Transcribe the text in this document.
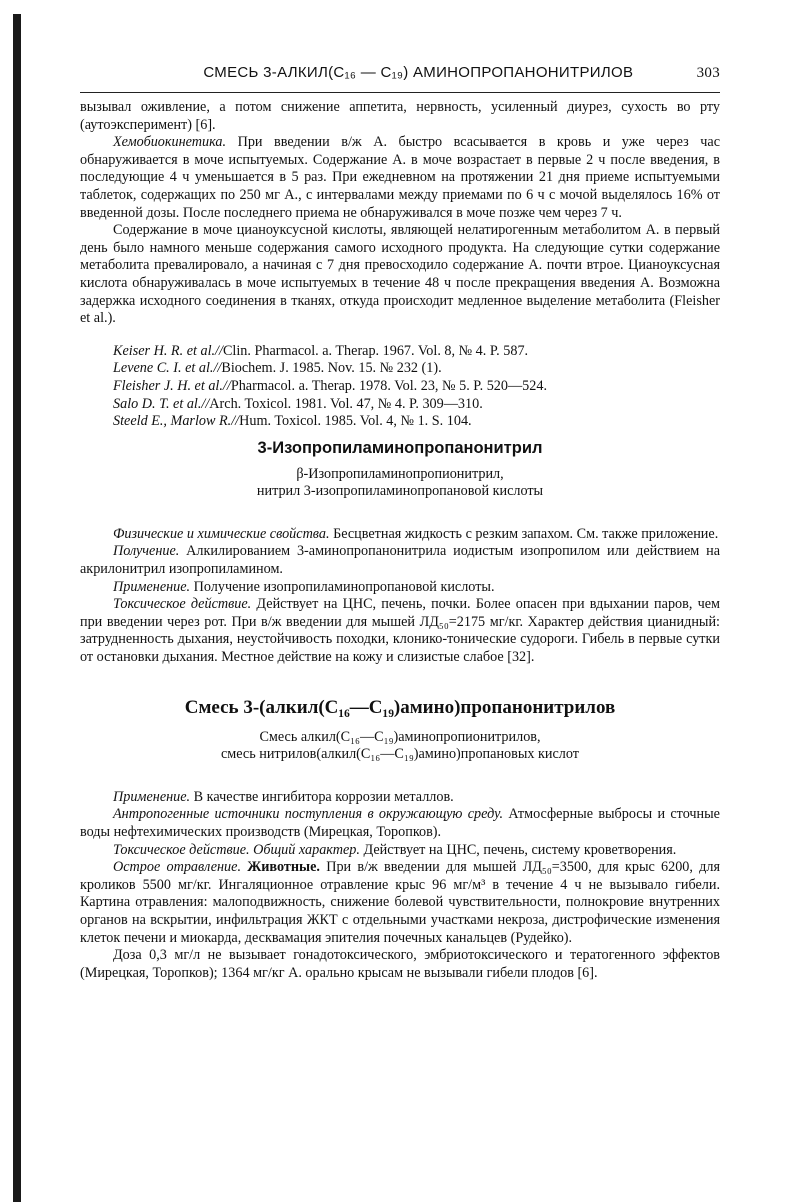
СМЕСЬ 3-АЛКИЛ(C₁₆ — C₁₉) АМИНОПРОПАНОНИТРИЛОВ	303

вызывал оживление, а потом снижение аппетита, нервность, усиленный диурез, сухость во рту (аутоэксперимент) [6].

Хемобиокинетика. При введении в/ж А. быстро всасывается в кровь и уже через час обнаруживается в моче испытуемых. Содержание А. в моче возрастает в первые 2 ч после введения, в последующие 4 ч уменьшается в 5 раз. При ежедневном на протяжении 21 дня приеме испытуемыми таблеток, содержащих по 250 мг А., с интервалами между приемами по 6 ч с мочой выделялось 16% от введенной дозы. После последнего приема не обнаруживался в моче позже чем через 7 ч.

Содержание в моче цианоуксусной кислоты, являющей нелатирогенным метаболитом А. в первый день было намного меньше содержания самого исходного продукта. На следующие сутки содержание метаболита превалировало, а начиная с 7 дня превосходило содержание А. почти втрое. Цианоуксусная кислота обнаруживалась в моче испытуемых в течение 48 ч после прекращения введения А. Возможна задержка исходного соединения в тканях, откуда происходит медленное выделение метаболита (Fleisher et al.).

Keiser H. R. et al.//Clin. Pharmacol. a. Therap. 1967. Vol. 8, № 4. P. 587.

Levene C. I. et al.//Biochem. J. 1985. Nov. 15. № 232 (1).

Fleisher J. H. et al.//Pharmacol. a. Therap. 1978. Vol. 23, № 5. P. 520—524.

Salo D. T. et al.//Arch. Toxicol. 1981. Vol. 47, № 4. P. 309—310.

Steeld E., Marlow R.//Hum. Toxicol. 1985. Vol. 4, № 1. S. 104.

3-Изопропиламинопропанонитрил

β-Изопропиламинопропионитрил,

нитрил 3-изопропиламинопропановой кислоты

Физические и химические свойства. Бесцветная жидкость с резким запахом. См. также приложение.

Получение. Алкилированием 3-аминопропанонитрила иодистым изопропилом или действием на акрилонитрил изопропиламином.

Применение. Получение изопропиламинопропановой кислоты.

Токсическое действие. Действует на ЦНС, печень, почки. Более опасен при вдыхании паров, чем при введении через рот. При в/ж введении для мышей ЛД₅₀=2175 мг/кг. Характер действия цианидный: затрудненность дыхания, неустойчивость походки, клонико-тонические судороги. Гибель в первые сутки от остановки дыхания. Местное действие на кожу и слизистые слабое [32].

Смесь 3-(алкил(C₁₆—C₁₉)амино)пропанонитрилов

Смесь алкил(C₁₆—C₁₉)аминопропионитрилов,

смесь нитрилов(алкил(C₁₆—C₁₉)амино)пропановых кислот

Применение. В качестве ингибитора коррозии металлов.

Антропогенные источники поступления в окружающую среду. Атмосферные выбросы и сточные воды нефтехимических производств (Мирецкая, Торопков).

Токсическое действие. Общий характер. Действует на ЦНС, печень, систему кроветворения.

Острое отравление. Животные. При в/ж введении для мышей ЛД₅₀=3500, для крыс 6200, для кроликов 5500 мг/кг. Ингаляционное отравление крыс 96 мг/м³ в течение 4 ч не вызывало гибели. Картина отравления: малоподвижность, снижение болевой чувствительности, полнокровие внутренних органов на вскрытии, инфильтрация ЖКТ с отдельными участками некроза, дистрофические изменения клеток печени и миокарда, десквамация эпителия почечных канальцев (Рудейко).

Доза 0,3 мг/л не вызывает гонадотоксического, эмбриотоксического и тератогенного эффектов (Мирецкая, Торопков); 1364 мг/кг А. орально крысам не вызывали гибели плодов [6].
